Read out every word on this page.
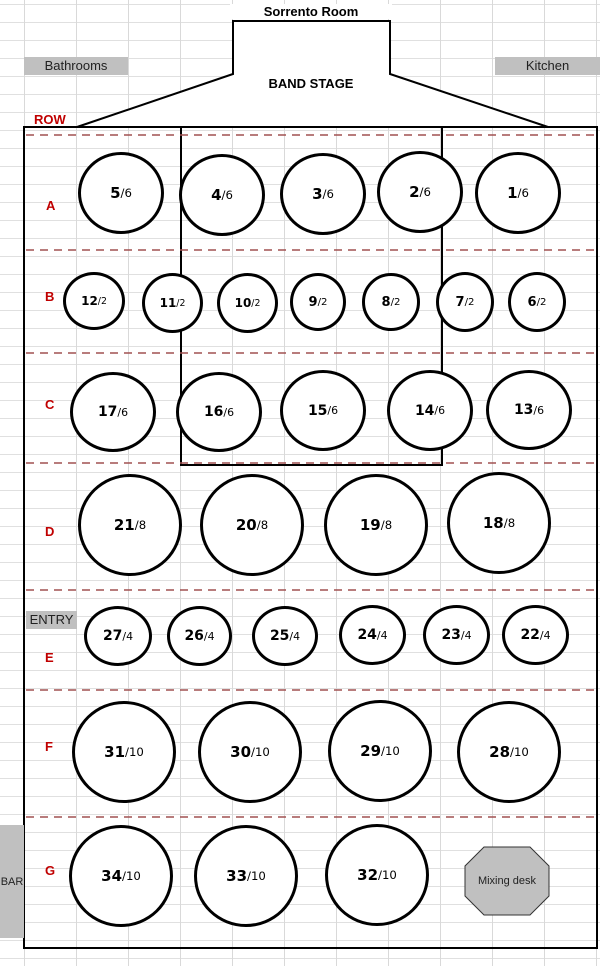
Sorrento Room
BAND STAGE
Bathrooms	Kitchen
ENTRY
BAR
ROW
A
B
C
D
E
F
G
5 /6	4 /6	3 /6	2 /6	1 /6
12 /2	11 /2	10 /2	9 /2	8 /2	7 /2	6 /2
17 /6	16 /6	15 /6	14 /6	13 /6
21 /8	20 /8	19 /8	18 /8
27 /4	26 /4	25 /4	24 /4	23 /4	22 /4
31 /10	30 /10	29 /10	28 /10
34 /10	33 /10	32 /10	Mixing desk
